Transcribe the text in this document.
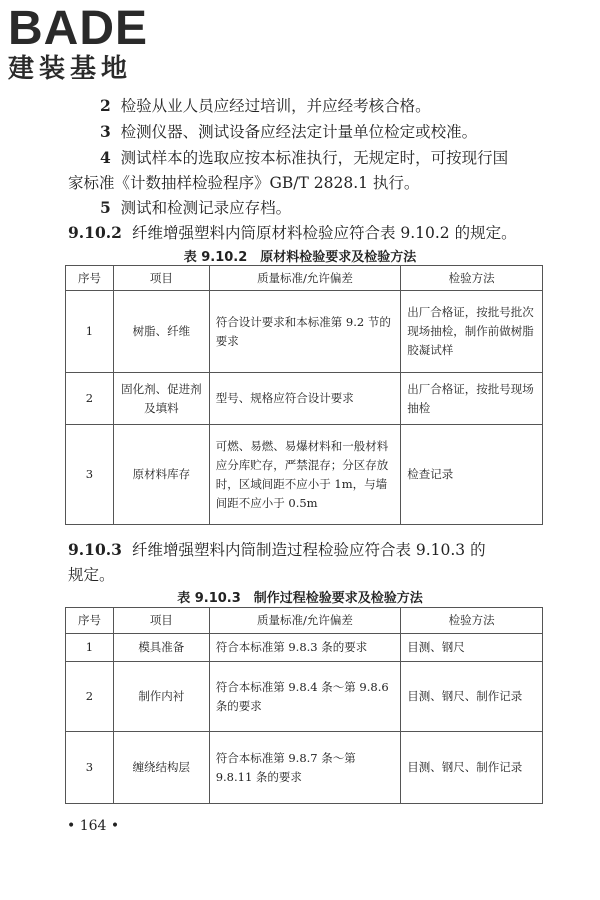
BADE
建装基地
2 检验从业人员应经过培训，并应经考核合格。
3 检测仪器、测试设备应经法定计量单位检定或校准。
4 测试样本的选取应按本标准执行，无规定时，可按现行国
家标准《计数抽样检验程序》GB/T 2828.1 执行。
5 测试和检测记录应存档。
9.10.2 纤维增强塑料内筒原材料检验应符合表 9.10.2 的规定。
表 9.10.2　原材料检验要求及检验方法
序号	项目	质量标准/允许偏差	检验方法
1	树脂、纤维	符合设计要求和本标准第 9.2 节的要求	出厂合格证，按批号批次现场抽检，制作前做树脂胶凝试样
2	固化剂、促进剂及填料	型号、规格应符合设计要求	出厂合格证，按批号现场抽检
3	原材料库存	可燃、易燃、易爆材料和一般材料应分库贮存，严禁混存；分区存放时，区域间距不应小于 1m，与墙间距不应小于 0.5m	检查记录
9.10.3 纤维增强塑料内筒制造过程检验应符合表 9.10.3 的
规定。
表 9.10.3　制作过程检验要求及检验方法
序号	项目	质量标准/允许偏差	检验方法
1	模具准备	符合本标准第 9.8.3 条的要求	目测、钢尺
2	制作内衬	符合本标准第 9.8.4 条～第 9.8.6 条的要求	目测、钢尺、制作记录
3	缠绕结构层	符合本标准第 9.8.7 条～第 9.8.11 条的要求	目测、钢尺、制作记录
• 164 •
